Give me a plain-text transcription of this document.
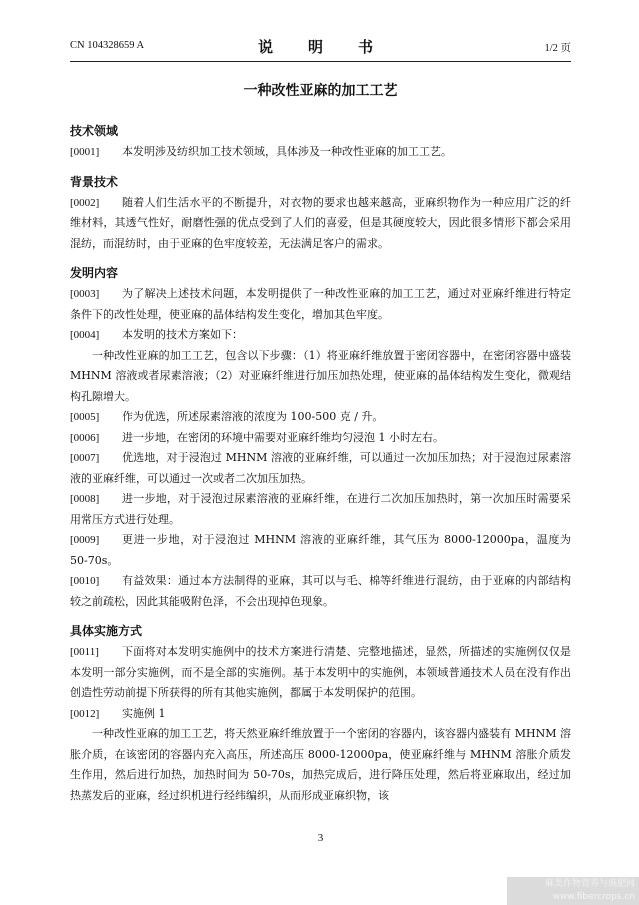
CN 104328659 A	说　明　书	1/2 页
一种改性亚麻的加工工艺
技术领域
[0001]	本发明涉及纺织加工技术领域，具体涉及一种改性亚麻的加工工艺。
背景技术
[0002]	随着人们生活水平的不断提升，对衣物的要求也越来越高，亚麻织物作为一种应用广泛的纤维材料，其透气性好，耐磨性强的优点受到了人们的喜爱，但是其硬度较大，因此很多情形下都会采用混纺，而混纺时，由于亚麻的色牢度较差，无法满足客户的需求。
发明内容
[0003]	为了解决上述技术问题，本发明提供了一种改性亚麻的加工工艺，通过对亚麻纤维进行特定条件下的改性处理，使亚麻的晶体结构发生变化，增加其色牢度。
[0004]	本发明的技术方案如下：
一种改性亚麻的加工工艺，包含以下步骤：（1）将亚麻纤维放置于密闭容器中，在密闭容器中盛装 MHNM 溶液或者尿素溶液；（2）对亚麻纤维进行加压加热处理，使亚麻的晶体结构发生变化，微观结构孔隙增大。
[0005]	作为优选，所述尿素溶液的浓度为 100-500 克 / 升。
[0006]	进一步地，在密闭的环境中需要对亚麻纤维均匀浸泡 1 小时左右。
[0007]	优选地，对于浸泡过 MHNM 溶液的亚麻纤维，可以通过一次加压加热；对于浸泡过尿素溶液的亚麻纤维，可以通过一次或者二次加压加热。
[0008]	进一步地，对于浸泡过尿素溶液的亚麻纤维，在进行二次加压加热时，第一次加压时需要采用常压方式进行处理。
[0009]	更进一步地，对于浸泡过 MHNM 溶液的亚麻纤维，其气压为 8000-12000pa，温度为 50-70s。
[0010]	有益效果：通过本方法制得的亚麻，其可以与毛、棉等纤维进行混纺，由于亚麻的内部结构较之前疏松，因此其能吸附色泽，不会出现掉色现象。
具体实施方式
[0011]	下面将对本发明实施例中的技术方案进行清楚、完整地描述，显然，所描述的实施例仅仅是本发明一部分实施例，而不是全部的实施例。基于本发明中的实施例，本领域普通技术人员在没有作出创造性劳动前提下所获得的所有其他实施例，都属于本发明保护的范围。
[0012]	实施例 1
一种改性亚麻的加工工艺，将天然亚麻纤维放置于一个密闭的容器内，该容器内盛装有 MHNM 溶胀介质，在该密闭的容器内充入高压，所述高压 8000-12000pa，使亚麻纤维与 MHNM 溶胀介质发生作用，然后进行加热，加热时间为 50-70s，加热完成后，进行降压处理，然后将亚麻取出，经过加热蒸发后的亚麻，经过织机进行经纬编织，从而形成亚麻织物，该
3
麻类作物营养与施肥网
www.fibercrops.cn
